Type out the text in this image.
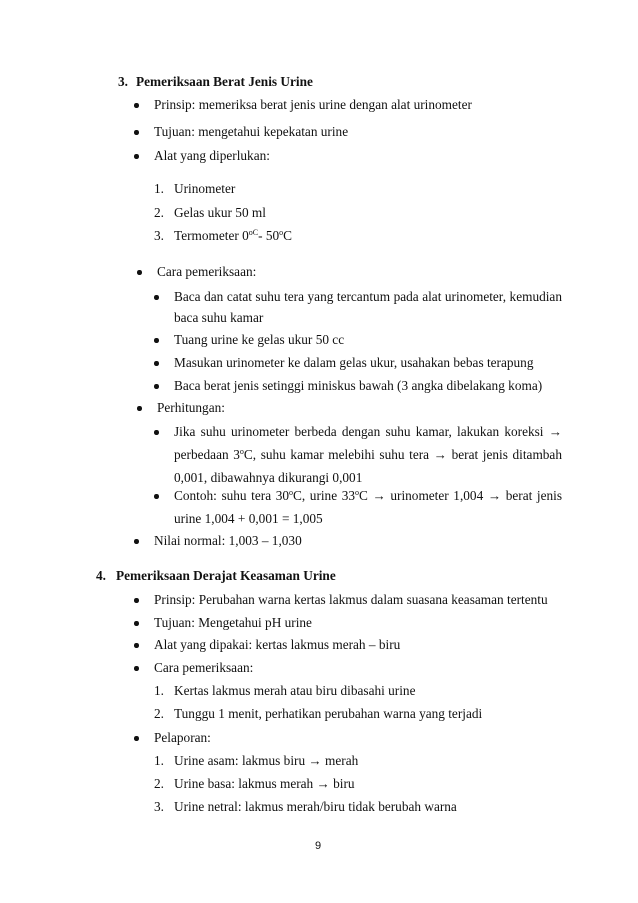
3. Pemeriksaan Berat Jenis Urine
Prinsip: memeriksa berat jenis urine dengan alat urinometer
Tujuan: mengetahui kepekatan urine
Alat yang diperlukan:
1. Urinometer
2. Gelas ukur 50 ml
3. Termometer $0^{oC}-$ 50$^o$C
Cara pemeriksaan:
Baca dan catat suhu tera yang tercantum pada alat urinometer, kemudian
baca suhu kamar
Tuang urine ke gelas ukur 50 cc
Masukan urinometer ke dalam gelas ukur, usahakan bebas terapung
Baca berat jenis setinggi miniskus bawah (3 angka dibelakang koma)
Perhitungan:
Jika suhu urinometer berbeda dengan suhu kamar, lakukan koreksi →
perbedaan 3$^o$C, suhu kamar melebihi suhu tera → berat jenis ditambah
0,001, dibawahnya dikurangi 0,001
Contoh: suhu tera 30$^o$C, urine $33^oC$ → urinometer 1,004 → berat jenis
urine 1,004 + 0,001 = 1,005
Nilai normal: 1,003 – 1,030
4. Pemeriksaan Derajat Keasaman Urine
Prinsip: Perubahan warna kertas lakmus dalam suasana keasaman tertentu
Tujuan: Mengetahui pH urine
Alat yang dipakai: kertas lakmus merah – biru
Cara pemeriksaan:
1. Kertas lakmus merah atau biru dibasahi urine
2. Tunggu 1 menit, perhatikan perubahan warna yang terjadi
Pelaporan:
1. Urine asam: lakmus biru → merah
2. Urine basa: lakmus merah → biru
3. Urine netral: lakmus merah/biru tidak berubah warna
9
